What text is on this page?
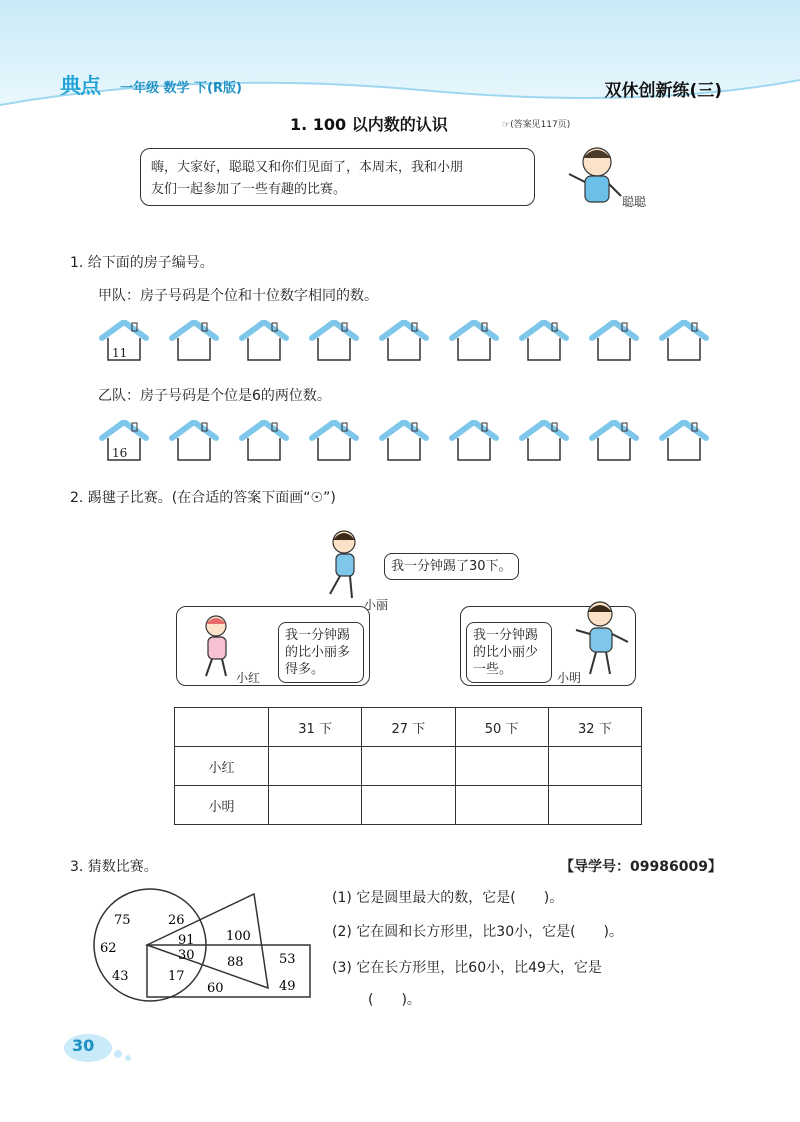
典点 一年级 数学 下(R版)	双休创新练(三)
1. 100 以内数的认识	☞(答案见117页)
嗨，大家好，聪聪又和你们见面了，本周末，我和小朋
友们一起参加了一些有趣的比赛。
聪聪
1. 给下面的房子编号。
甲队：房子号码是个位和十位数字相同的数。
11
乙队：房子号码是个位是6的两位数。
16
2. 踢毽子比赛。(在合适的答案下面画“☉”)
我一分钟踢了30下。
小丽
我一分钟踢
的比小丽多
得多。
小红
我一分钟踢
的比小丽少
一些。
小明
	31 下	27 下	50 下	32 下
小红				
小明				
3. 猜数比赛。	【导学号：09986009】
75	26
91 100
62	30 88	53
43	17
60	49
(1) 它是圆里最大的数，它是(　　)。
(2) 它在圆和长方形里，比30小，它是(　　)。
(3) 它在长方形里，比60小，比49大，它是
(　　)。
30
